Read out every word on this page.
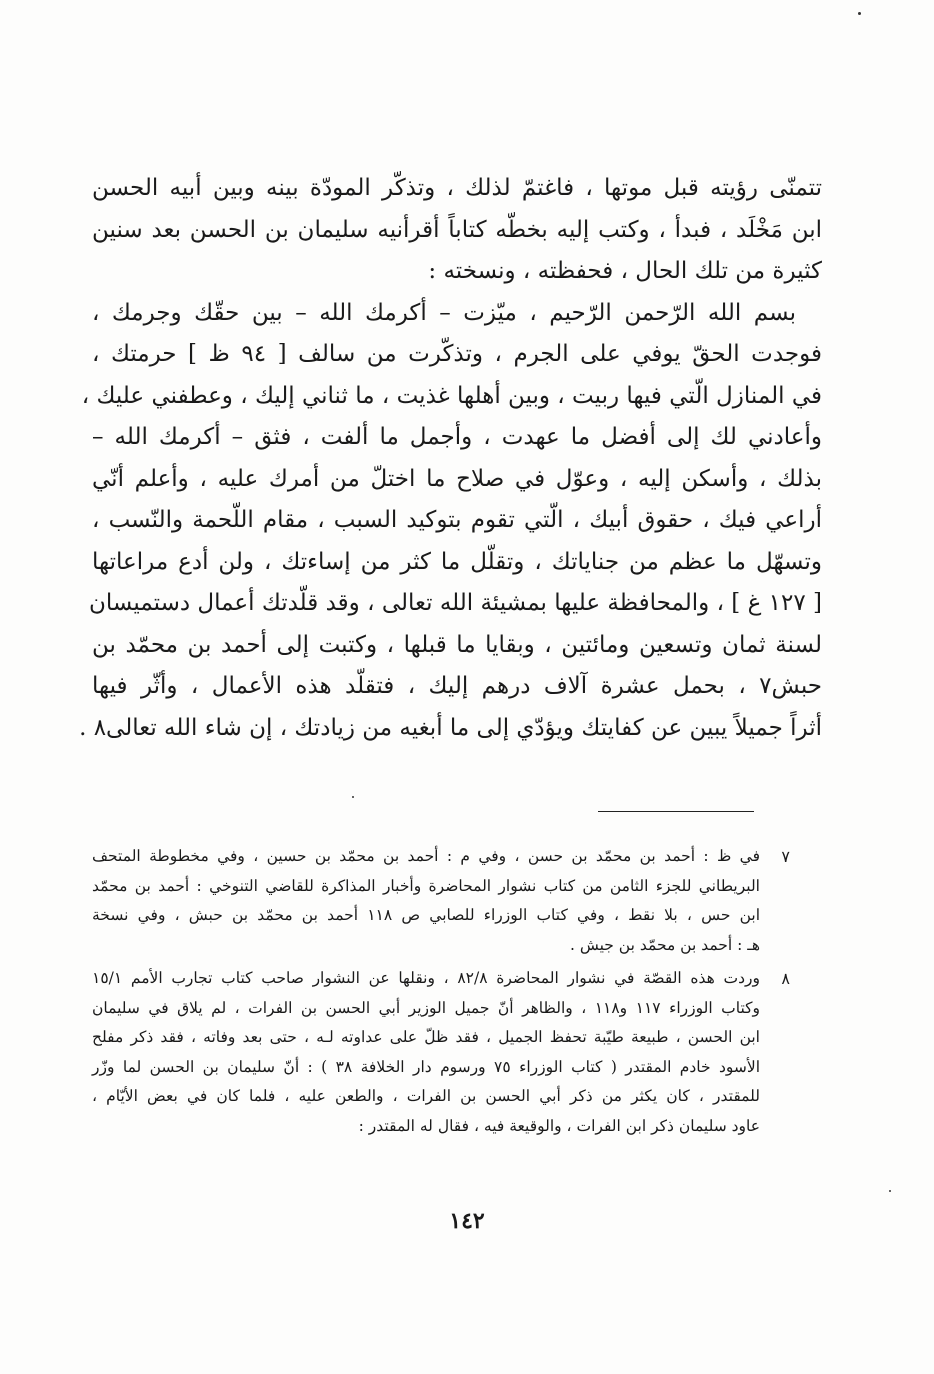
تتمنّى رؤيته قبل موتها ، فاغتمّ لذلك ، وتذكّر المودّة بينه وبين أبيه الحسن
ابن مَخْلَد ، فبدأ ، وكتب إليه بخطّه كتاباً أقرأنيه سليمان بن الحسن بعد سنين
كثيرة من تلك الحال ، فحفظته ، ونسخته :
بسم الله الرّحمن الرّحيم ، ميّزت – أكرمك الله – بين حقّك وجرمك ،
فوجدت الحقّ يوفي على الجرم ، وتذكّرت من سالف [ ٩٤ ظ ] حرمتك ،
في المنازل الّتي فيها ربيت ، وبين أهلها غذيت ، ما ثناني إليك ، وعطفني عليك ،
وأعادني لك إلى أفضل ما عهدت ، وأجمل ما ألفت ، فثق – أكرمك الله –
بذلك ، وأسكن إليه ، وعوّل في صلاح ما اختلّ من أمرك عليه ، وأعلم أنّي
أراعي فيك ، حقوق أبيك ، الّتي تقوم بتوكيد السبب ، مقام اللّحمة والنّسب ،
وتسهّل ما عظم من جناياتك ، وتقلّل ما كثر من إساءتك ، ولن أدع مراعاتها
[ ١٢٧ غ ] ، والمحافظة عليها بمشيئة الله تعالى ، وقد قلّدتك أعمال دستميسان
لسنة ثمان وتسعين ومائتين ، وبقايا ما قبلها ، وكتبت إلى أحمد بن محمّد بن
حبش٧ ، بحمل عشرة آلاف درهم إليك ، فتقلّد هذه الأعمال ، وأثّر فيها
أثراً جميلاً يبين عن كفايتك ويؤدّي إلى ما أبغيه من زيادتك ، إن شاء الله تعالى٨ .
٧
في ظ : أحمد بن محمّد بن حسن ، وفي م : أحمد بن محمّد بن حسين ، وفي مخطوطة المتحف
البريطاني للجزء الثامن من كتاب نشوار المحاضرة وأخبار المذاكرة للقاضي التنوخي : أحمد بن محمّد
ابن حس ، بلا نقط ، وفي كتاب الوزراء للصابي ص ١١٨ أحمد بن محمّد بن حبش ، وفي نسخة
هـ : أحمد بن محمّد بن جيش .
٨
وردت هذه القصّة في نشوار المحاضرة ٨٢/٨ ، ونقلها عن النشوار صاحب كتاب تجارب الأمم ١٥/١
وكتاب الوزراء ١١٧ و١١٨ ، والظاهر أنّ جميل الوزير أبي الحسن بن الفرات ، لم يلاق في سليمان
ابن الحسن ، طبيعة طيّبة تحفظ الجميل ، فقد ظلّ على عداوته لـه ، حتى بعد وفاته ، فقد ذكر مفلح
الأسود خادم المقتدر ( كتاب الوزراء ٧٥ ورسوم دار الخلافة ٣٨ ) : أنّ سليمان بن الحسن لما وزّر
للمقتدر ، كان يكثر من ذكر أبي الحسن بن الفرات ، والطعن عليه ، فلما كان في بعض الأيّام ،
عاود سليمان ذكر ابن الفرات ، والوقيعة فيه ، فقال له المقتدر :
١٤٢
